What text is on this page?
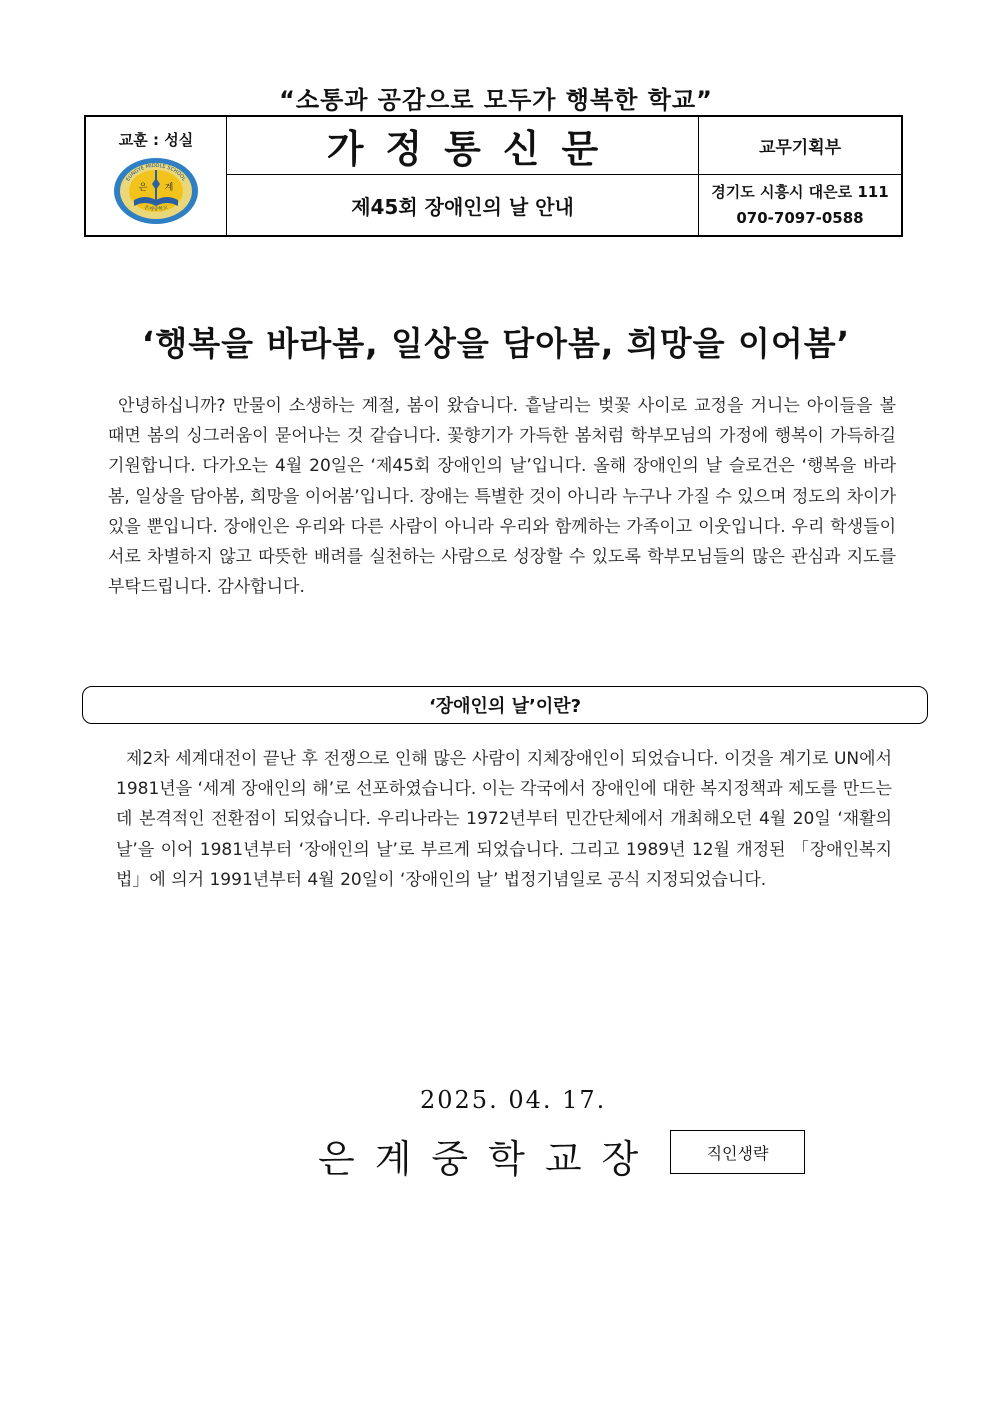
“소통과 공감으로 모두가 행복한 학교”
교훈 : 성실
은 계
EUNGYE MIDDLE SCHOOL
은계중학교
가정통신문	교무기획부
제45회 장애인의 날 안내
경기도 시흥시 대은로 111
070-7097-0588
‘행복을 바라봄, 일상을 담아봄, 희망을 이어봄’
안녕하십니까? 만물이 소생하는 계절, 봄이 왔습니다. 흩날리는 벚꽃 사이로 교정을 거니는 아이들을 볼 때면 봄의 싱그러움이 묻어나는 것 같습니다. 꽃향기가 가득한 봄처럼 학부모님의 가정에 행복이 가득하길 기원합니다. 다가오는 4월 20일은 ‘제45회 장애인의 날’입니다. 올해 장애인의 날 슬로건은 ‘행복을 바라봄, 일상을 담아봄, 희망을 이어봄’입니다. 장애는 특별한 것이 아니라 누구나 가질 수 있으며 정도의 차이가 있을 뿐입니다. 장애인은 우리와 다른 사람이 아니라 우리와 함께하는 가족이고 이웃입니다. 우리 학생들이 서로 차별하지 않고 따뜻한 배려를 실천하는 사람으로 성장할 수 있도록 학부모님들의 많은 관심과 지도를 부탁드립니다. 감사합니다.
‘장애인의 날’이란?
제2차 세계대전이 끝난 후 전쟁으로 인해 많은 사람이 지체장애인이 되었습니다. 이것을 계기로 UN에서 1981년을 ‘세계 장애인의 해’로 선포하였습니다. 이는 각국에서 장애인에 대한 복지정책과 제도를 만드는 데 본격적인 전환점이 되었습니다. 우리나라는 1972년부터 민간단체에서 개최해오던 4월 20일 ‘재활의 날’을 이어 1981년부터 ‘장애인의 날’로 부르게 되었습니다. 그리고 1989년 12월 개정된 「장애인복지법」에 의거 1991년부터 4월 20일이 ‘장애인의 날’ 법정기념일로 공식 지정되었습니다.
2025. 04. 17.
은계중학교장	직인생략
